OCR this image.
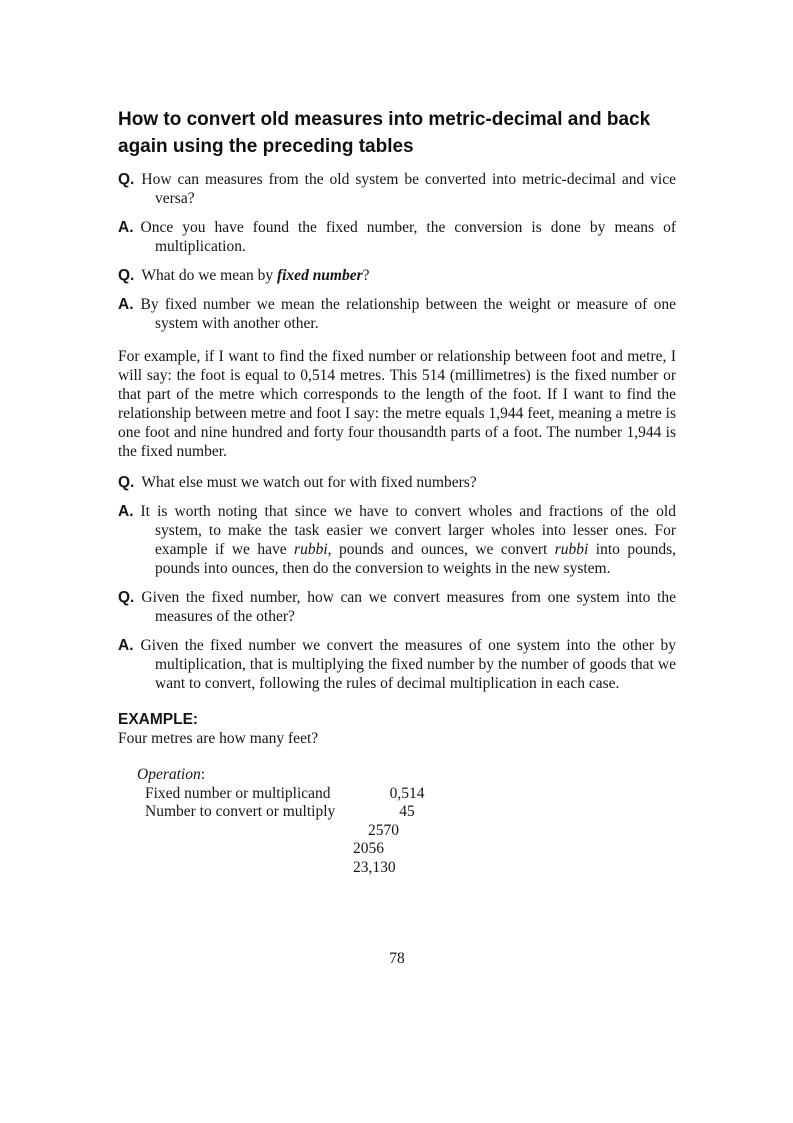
How to convert old measures into metric-decimal and back again using the preceding tables
Q. How can measures from the old system be converted into metric-decimal and vice versa?
A. Once you have found the fixed number, the conversion is done by means of multiplication.
Q. What do we mean by fixed number?
A. By fixed number we mean the relationship between the weight or measure of one system with another other.
For example, if I want to find the fixed number or relationship between foot and metre, I will say: the foot is equal to 0,514 metres. This 514 (millimetres) is the fixed number or that part of the metre which corresponds to the length of the foot. If I want to find the relationship between metre and foot I say: the metre equals 1,944 feet, meaning a metre is one foot and nine hundred and forty four thousandth parts of a foot. The number 1,944 is the fixed number.
Q. What else must we watch out for with fixed numbers?
A. It is worth noting that since we have to convert wholes and fractions of the old system, to make the task easier we convert larger wholes into lesser ones. For example if we have rubbi, pounds and ounces, we convert rubbi into pounds, pounds into ounces, then do the conversion to weights in the new system.
Q. Given the fixed number, how can we convert measures from one system into the measures of the other?
A. Given the fixed number we convert the measures of one system into the other by multiplication, that is multiplying the fixed number by the number of goods that we want to convert, following the rules of decimal multiplication in each case.
EXAMPLE:
Four metres are how many feet?
Operation:
Fixed number or multiplicand	0,514
Number to convert or multiply	45
2570
2056
23,130
78
